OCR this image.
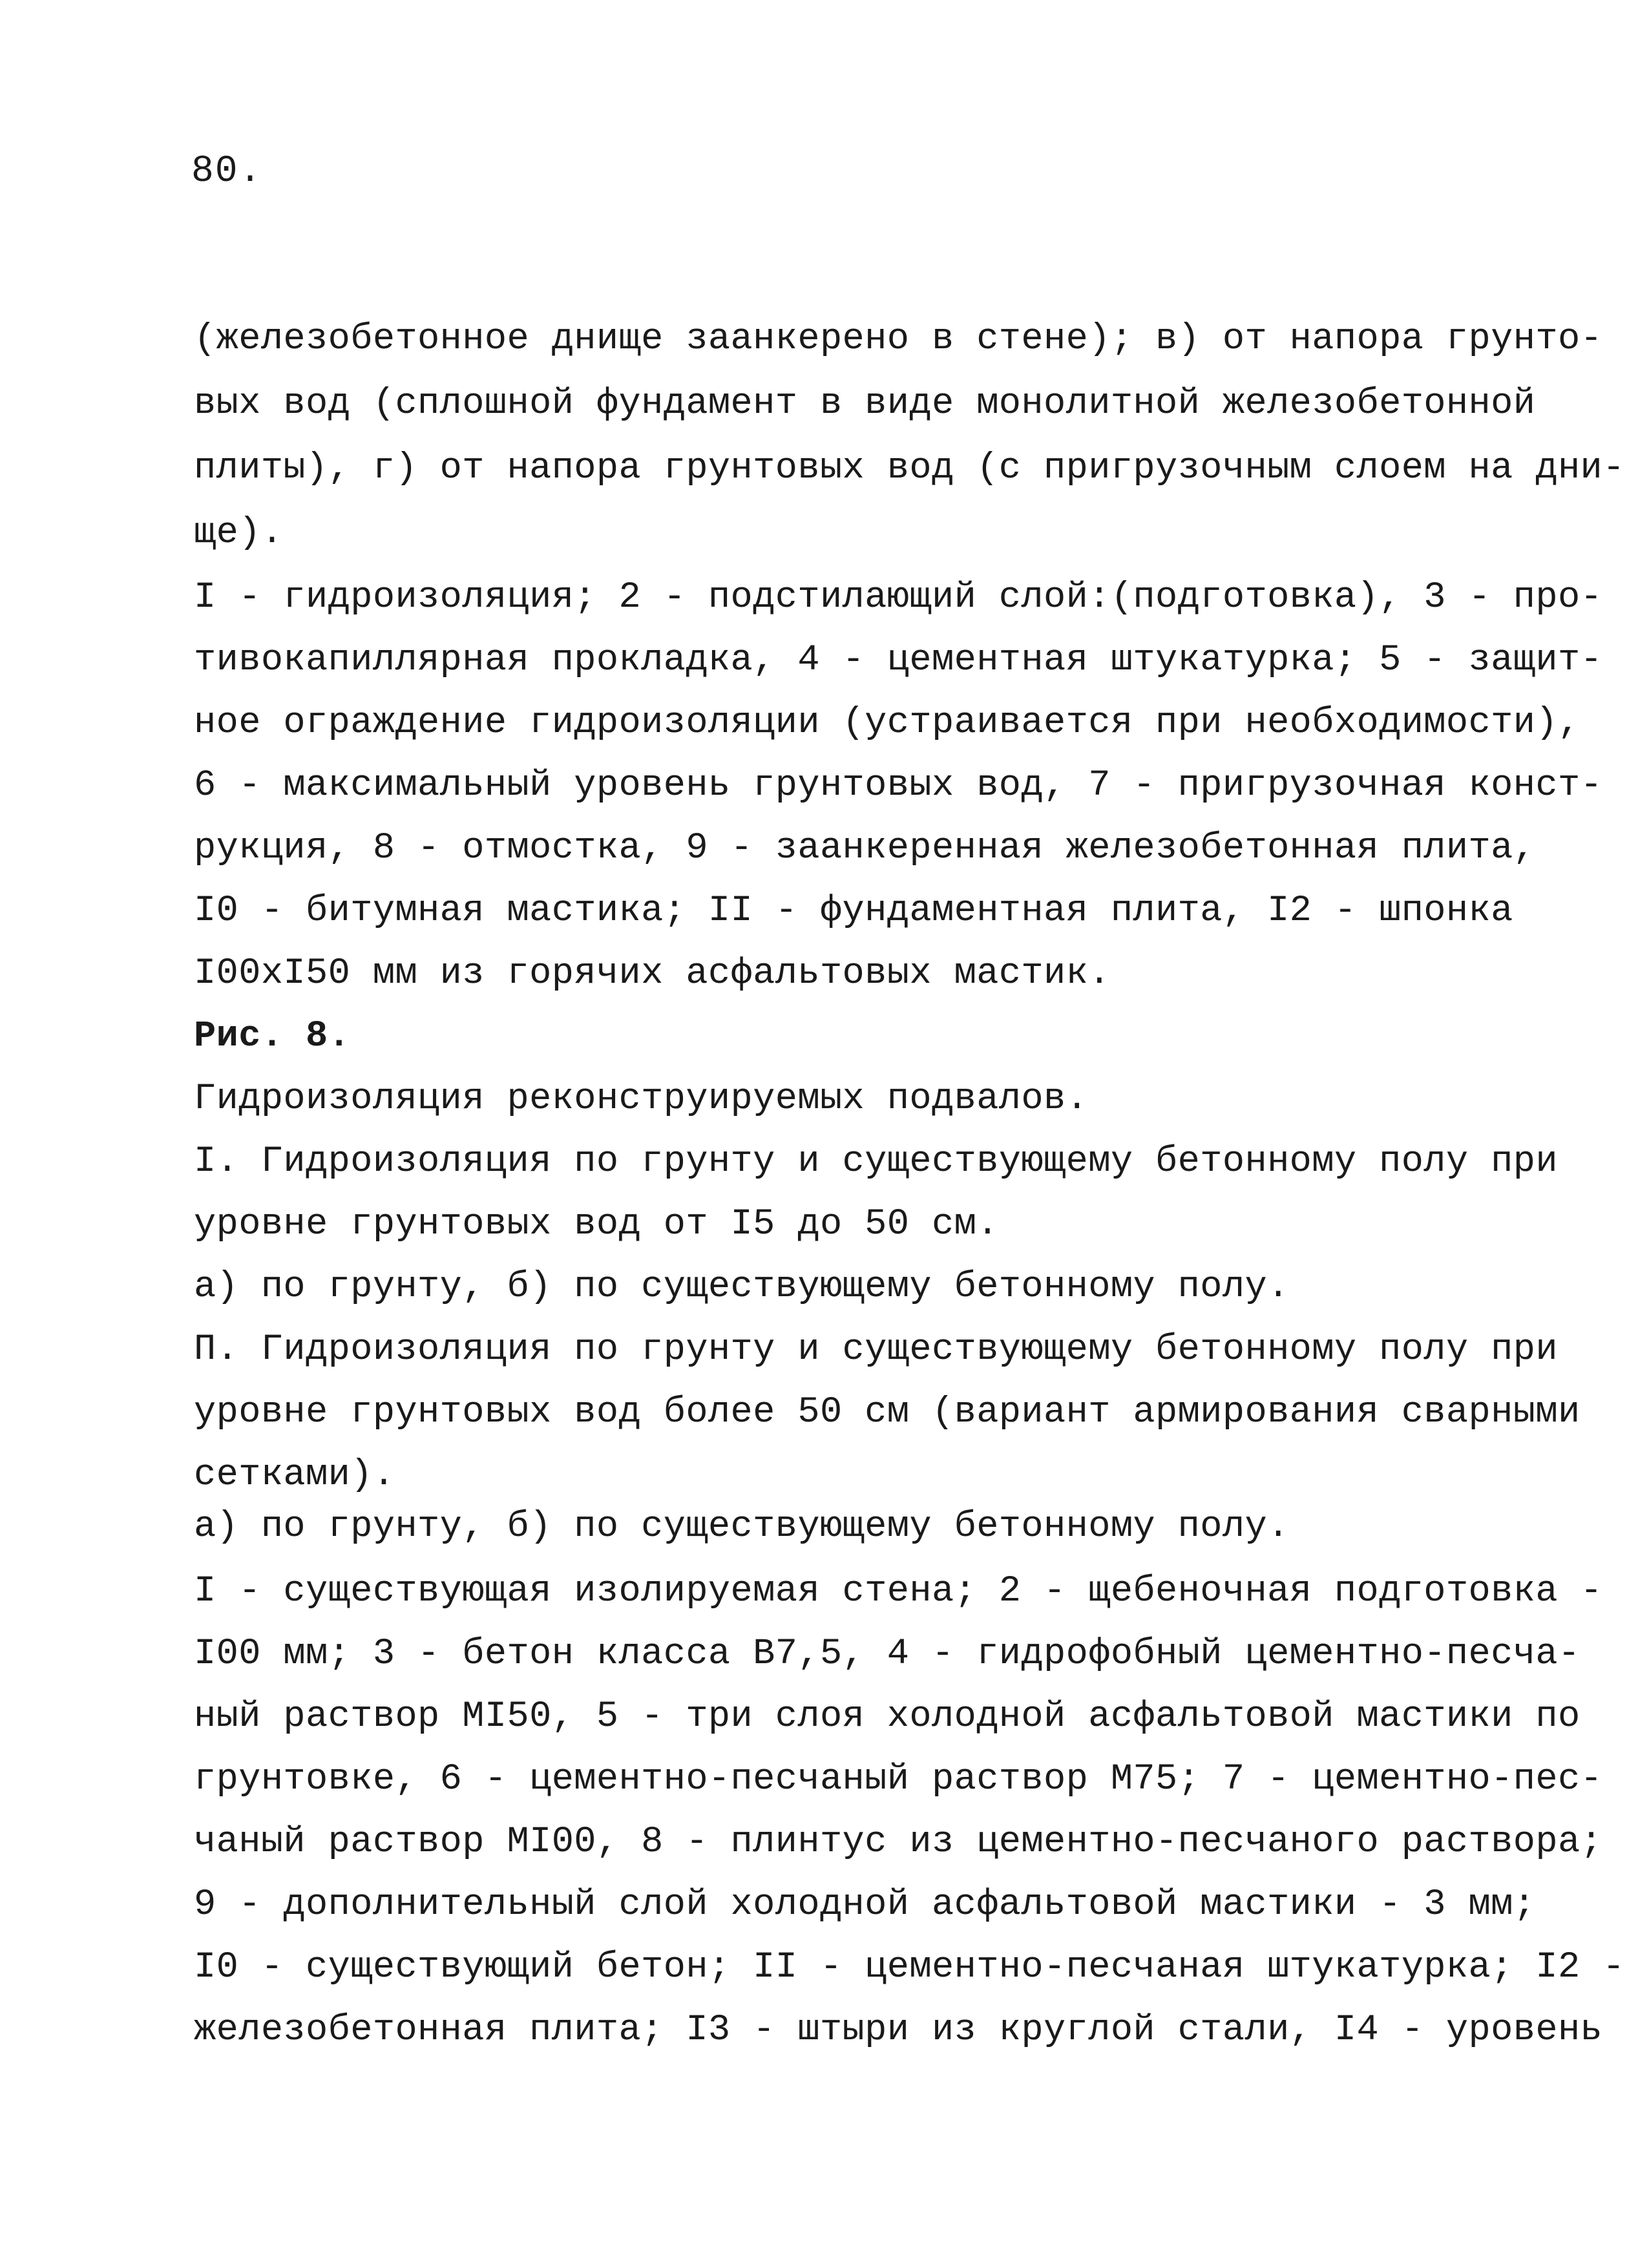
80.
(железобетонное днище заанкерено в стене); в) от напора грунто-
вых вод (сплошной фундамент в виде монолитной железобетонной
плиты), г) от напора грунтовых вод (с пригрузочным слоем на дни-
ще).
I - гидроизоляция; 2 - подстилающий слой:(подготовка), 3 - про-
тивокапиллярная прокладка, 4 - цементная штукатурка; 5 - защит-
ное ограждение гидроизоляции (устраивается при необходимости),
6 - максимальный уровень грунтовых вод, 7 - пригрузочная конст-
рукция, 8 - отмостка, 9 - заанкеренная железобетонная плита,
I0 - битумная мастика; II - фундаментная плита, I2 - шпонка
I00xI50 мм из горячих асфальтовых мастик.
Рис. 8.
Гидроизоляция реконструируемых подвалов.
I. Гидроизоляция по грунту и существующему бетонному полу при
уровне грунтовых вод от I5 до 50 см.
а) по грунту, б) по существующему бетонному полу.
П. Гидроизоляция по грунту и существующему бетонному полу при
уровне грунтовых вод более 50 см (вариант армирования сварными
сетками).
а) по грунту, б) по существующему бетонному полу.
I - существующая изолируемая стена; 2 - щебеночная подготовка -
I00 мм; 3 - бетон класса В7,5, 4 - гидрофобный цементно-песча-
ный раствор МI50, 5 - три слоя холодной асфальтовой мастики по
грунтовке, 6 - цементно-песчаный раствор М75; 7 - цементно-пес-
чаный раствор МI00, 8 - плинтус из цементно-песчаного раствора;
9 - дополнительный слой холодной асфальтовой мастики - 3 мм;
I0 - существующий бетон; II - цементно-песчаная штукатурка; I2 -
железобетонная плита; I3 - штыри из круглой стали, I4 - уровень
